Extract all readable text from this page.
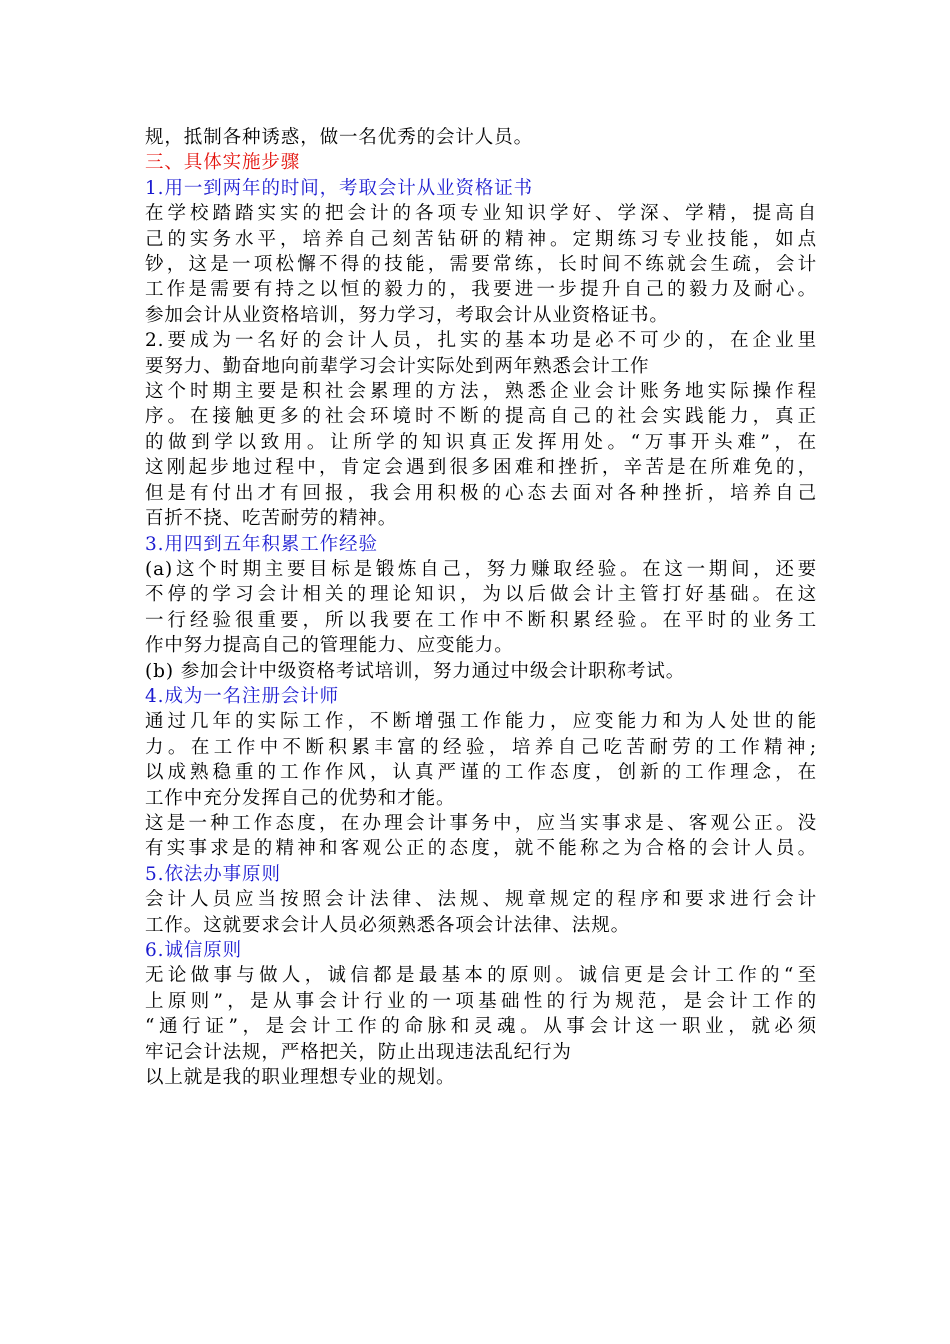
规，抵制各种诱惑，做一名优秀的会计人员。
三、具体实施步骤
1.用一到两年的时间，考取会计从业资格证书
在学校踏踏实实的把会计的各项专业知识学好、学深、学精，提高自
己的实务水平，培养自己刻苦钻研的精神。定期练习专业技能，如点
钞，这是一项松懈不得的技能，需要常练，长时间不练就会生疏，会计
工作是需要有持之以恒的毅力的，我要进一步提升自己的毅力及耐心。
参加会计从业资格培训，努力学习，考取会计从业资格证书。
2.要成为一名好的会计人员，扎实的基本功是必不可少的，在企业里
要努力、勤奋地向前辈学习会计实际处到两年熟悉会计工作
这个时期主要是积社会累理的方法，熟悉企业会计账务地实际操作程
序。在接触更多的社会环境时不断的提高自己的社会实践能力，真正
的做到学以致用。让所学的知识真正发挥用处。“万事开头难”，在
这刚起步地过程中，肯定会遇到很多困难和挫折，辛苦是在所难免的，
但是有付出才有回报，我会用积极的心态去面对各种挫折，培养自己
百折不挠、吃苦耐劳的精神。
3.用四到五年积累工作经验
(a)这个时期主要目标是锻炼自己，努力赚取经验。在这一期间，还要
不停的学习会计相关的理论知识，为以后做会计主管打好基础。在这
一行经验很重要，所以我要在工作中不断积累经验。在平时的业务工
作中努力提高自己的管理能力、应变能力。
(b) 参加会计中级资格考试培训，努力通过中级会计职称考试。
4.成为一名注册会计师
通过几年的实际工作，不断增强工作能力，应变能力和为人处世的能
力。在工作中不断积累丰富的经验，培养自己吃苦耐劳的工作精神;
以成熟稳重的工作作风，认真严谨的工作态度，创新的工作理念，在
工作中充分发挥自己的优势和才能。
这是一种工作态度，在办理会计事务中，应当实事求是、客观公正。没
有实事求是的精神和客观公正的态度，就不能称之为合格的会计人员。
5.依法办事原则
会计人员应当按照会计法律、法规、规章规定的程序和要求进行会计
工作。这就要求会计人员必须熟悉各项会计法律、法规。
6.诚信原则
无论做事与做人，诚信都是最基本的原则。诚信更是会计工作的“至
上原则”，是从事会计行业的一项基础性的行为规范，是会计工作的
“通行证”，是会计工作的命脉和灵魂。从事会计这一职业，就必须
牢记会计法规，严格把关，防止出现违法乱纪行为
以上就是我的职业理想专业的规划。
